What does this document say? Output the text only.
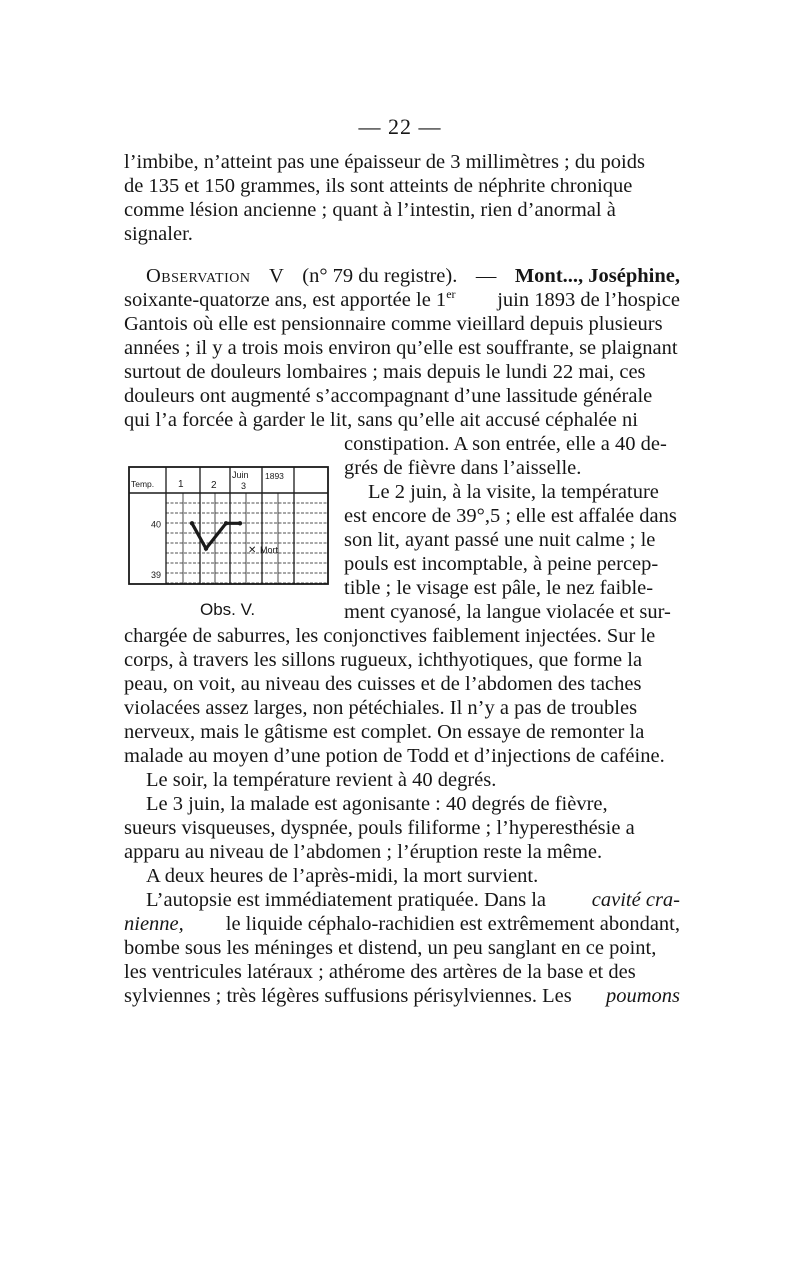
— 22 —
l’imbibe, n’atteint pas une épaisseur de 3 millimètres ; du poids
de 135 et 150 grammes, ils sont atteints de néphrite chronique
comme lésion ancienne ; quant à l’intestin, rien d’anormal à
signaler.
Observation V (n° 79 du registre). — Mont..., Joséphine,
soixante-quatorze ans, est apportée le 1er juin 1893 de l’hospice
Gantois où elle est pensionnaire comme vieillard depuis plusieurs
années ; il y a trois mois environ qu’elle est souffrante, se plaignant
surtout de douleurs lombaires ; mais depuis le lundi 22 mai, ces
douleurs ont augmenté s’accompagnant d’une lassitude générale
qui l’a forcée à garder le lit, sans qu’elle ait accusé céphalée ni
constipation. A son entrée, elle a 40 de-
grés de fièvre dans l’aisselle.
Le 2 juin, à la visite, la température
est encore de 39°,5 ; elle est affalée dans
son lit, ayant passé une nuit calme ; le
pouls est incomptable, à peine percep-
tible ; le visage est pâle, le nez faible-
ment cyanosé, la langue violacée et sur-
Temp. 1	2
Juin
3
1893
40
39
✕ Mort
Obs. V.
chargée de saburres, les conjonctives faiblement injectées. Sur le
corps, à travers les sillons rugueux, ichthyotiques, que forme la
peau, on voit, au niveau des cuisses et de l’abdomen des taches
violacées assez larges, non pétéchiales. Il n’y a pas de troubles
nerveux, mais le gâtisme est complet. On essaye de remonter la
malade au moyen d’une potion de Todd et d’injections de caféine.
Le soir, la température revient à 40 degrés.
Le 3 juin, la malade est agonisante : 40 degrés de fièvre,
sueurs visqueuses, dyspnée, pouls filiforme ; l’hyperesthésie a
apparu au niveau de l’abdomen ; l’éruption reste la même.
A deux heures de l’après-midi, la mort survient.
L’autopsie est immédiatement pratiquée. Dans la cavité cra-
nienne, le liquide céphalo-rachidien est extrêmement abondant,
bombe sous les méninges et distend, un peu sanglant en ce point,
les ventricules latéraux ; athérome des artères de la base et des
sylviennes ; très légères suffusions périsylviennes. Les poumons
